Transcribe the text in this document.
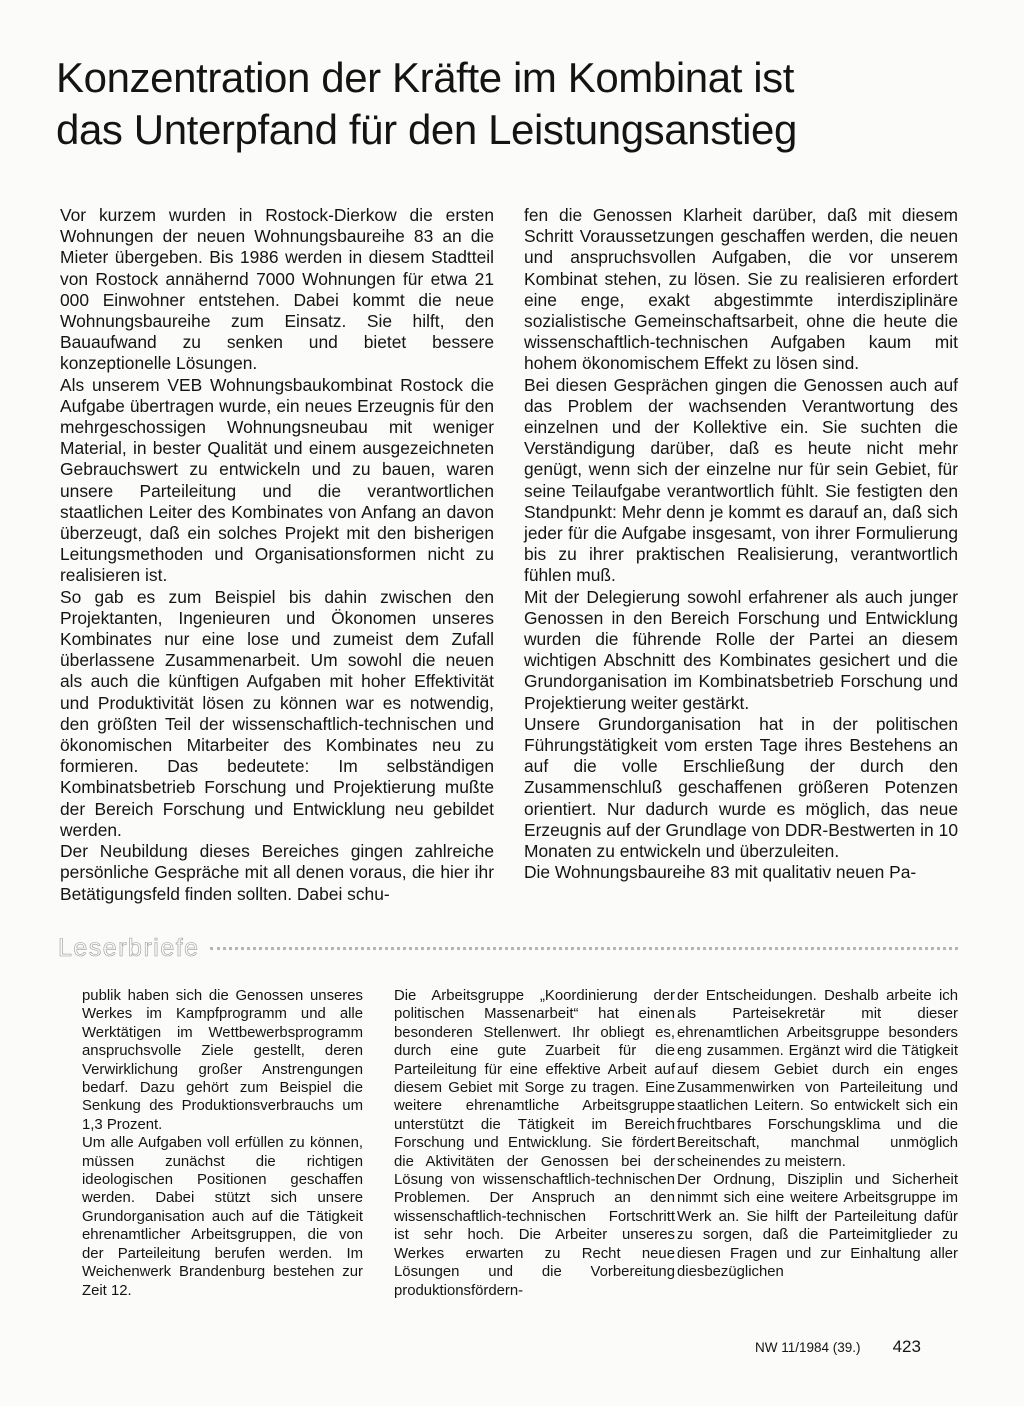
Konzentration der Kräfte im Kombinat ist
das Unterpfand für den Leistungsanstieg

Vor kurzem wurden in Rostock-Dierkow die ersten Wohnungen der neuen Wohnungsbaureihe 83 an die Mieter übergeben. Bis 1986 werden in diesem Stadtteil von Rostock annähernd 7000 Wohnungen für etwa 21 000 Einwohner entstehen. Dabei kommt die neue Wohnungsbaureihe zum Einsatz. Sie hilft, den Bauaufwand zu senken und bietet bessere konzeptionelle Lösungen.

Als unserem VEB Wohnungsbaukombinat Rostock die Aufgabe übertragen wurde, ein neues Erzeugnis für den mehrgeschossigen Wohnungsneubau mit weniger Material, in bester Qualität und einem ausgezeichneten Gebrauchswert zu entwickeln und zu bauen, waren unsere Parteileitung und die verantwortlichen staatlichen Leiter des Kombinates von Anfang an davon überzeugt, daß ein solches Projekt mit den bisherigen Leitungsmethoden und Organisationsformen nicht zu realisieren ist.

So gab es zum Beispiel bis dahin zwischen den Projektanten, Ingenieuren und Ökonomen unseres Kombinates nur eine lose und zumeist dem Zufall überlassene Zusammenarbeit. Um sowohl die neuen als auch die künftigen Aufgaben mit hoher Effektivität und Produktivität lösen zu können war es notwendig, den größten Teil der wissenschaftlich-technischen und ökonomischen Mitarbeiter des Kombinates neu zu formieren. Das bedeutete: Im selbständigen Kombinatsbetrieb Forschung und Projektierung mußte der Bereich Forschung und Entwicklung neu gebildet werden.

Der Neubildung dieses Bereiches gingen zahlreiche persönliche Gespräche mit all denen voraus, die hier ihr Betätigungsfeld finden sollten. Dabei schu-

fen die Genossen Klarheit darüber, daß mit diesem Schritt Voraussetzungen geschaffen werden, die neuen und anspruchsvollen Aufgaben, die vor unserem Kombinat stehen, zu lösen. Sie zu realisieren erfordert eine enge, exakt abgestimmte interdisziplinäre sozialistische Gemeinschaftsarbeit, ohne die heute die wissenschaftlich-technischen Aufgaben kaum mit hohem ökonomischem Effekt zu lösen sind.

Bei diesen Gesprächen gingen die Genossen auch auf das Problem der wachsenden Verantwortung des einzelnen und der Kollektive ein. Sie suchten die Verständigung darüber, daß es heute nicht mehr genügt, wenn sich der einzelne nur für sein Gebiet, für seine Teilaufgabe verantwortlich fühlt. Sie festigten den Standpunkt: Mehr denn je kommt es darauf an, daß sich jeder für die Aufgabe insgesamt, von ihrer Formulierung bis zu ihrer praktischen Realisierung, verantwortlich fühlen muß.

Mit der Delegierung sowohl erfahrener als auch junger Genossen in den Bereich Forschung und Entwicklung wurden die führende Rolle der Partei an diesem wichtigen Abschnitt des Kombinates gesichert und die Grundorganisation im Kombinatsbetrieb Forschung und Projektierung weiter gestärkt.

Unsere Grundorganisation hat in der politischen Führungstätigkeit vom ersten Tage ihres Bestehens an auf die volle Erschließung der durch den Zusammenschluß geschaffenen größeren Potenzen orientiert. Nur dadurch wurde es möglich, das neue Erzeugnis auf der Grundlage von DDR-Bestwerten in 10 Monaten zu entwickeln und überzuleiten.

Die Wohnungsbaureihe 83 mit qualitativ neuen Pa-

Leserbriefe

publik haben sich die Genossen unseres Werkes im Kampfprogramm und alle Werktätigen im Wettbewerbsprogramm anspruchsvolle Ziele gestellt, deren Verwirklichung großer Anstrengungen bedarf. Dazu gehört zum Beispiel die Senkung des Produktionsverbrauchs um 1,3 Prozent.

Um alle Aufgaben voll erfüllen zu können, müssen zunächst die richtigen ideologischen Positionen geschaffen werden. Dabei stützt sich unsere Grundorganisation auch auf die Tätigkeit ehrenamtlicher Arbeitsgruppen, die von der Parteileitung berufen werden. Im Weichenwerk Brandenburg bestehen zur Zeit 12.

Die Arbeitsgruppe „Koordinierung der politischen Massenarbeit“ hat einen besonderen Stellenwert. Ihr obliegt es, durch eine gute Zuarbeit für die Parteileitung für eine effektive Arbeit auf diesem Gebiet mit Sorge zu tragen. Eine weitere ehrenamtliche Arbeitsgruppe unterstützt die Tätigkeit im Bereich Forschung und Entwicklung. Sie fördert die Aktivitäten der Genossen bei der Lösung von wissenschaftlich-technischen Problemen. Der Anspruch an den wissenschaftlich-technischen Fortschritt ist sehr hoch. Die Arbeiter unseres Werkes erwarten zu Recht neue Lösungen und die Vorbereitung produktionsfördern-

der Entscheidungen. Deshalb arbeite ich als Parteisekretär mit dieser ehrenamtlichen Arbeitsgruppe besonders eng zusammen. Ergänzt wird die Tätigkeit auf diesem Gebiet durch ein enges Zusammenwirken von Parteileitung und staatlichen Leitern. So entwickelt sich ein fruchtbares Forschungsklima und die Bereitschaft, manchmal unmöglich scheinendes zu meistern.

Der Ordnung, Disziplin und Sicherheit nimmt sich eine weitere Arbeitsgruppe im Werk an. Sie hilft der Parteileitung dafür zu sorgen, daß die Parteimitglieder zu diesen Fragen und zur Einhaltung aller diesbezüglichen

NW 11/1984 (39.) 423
